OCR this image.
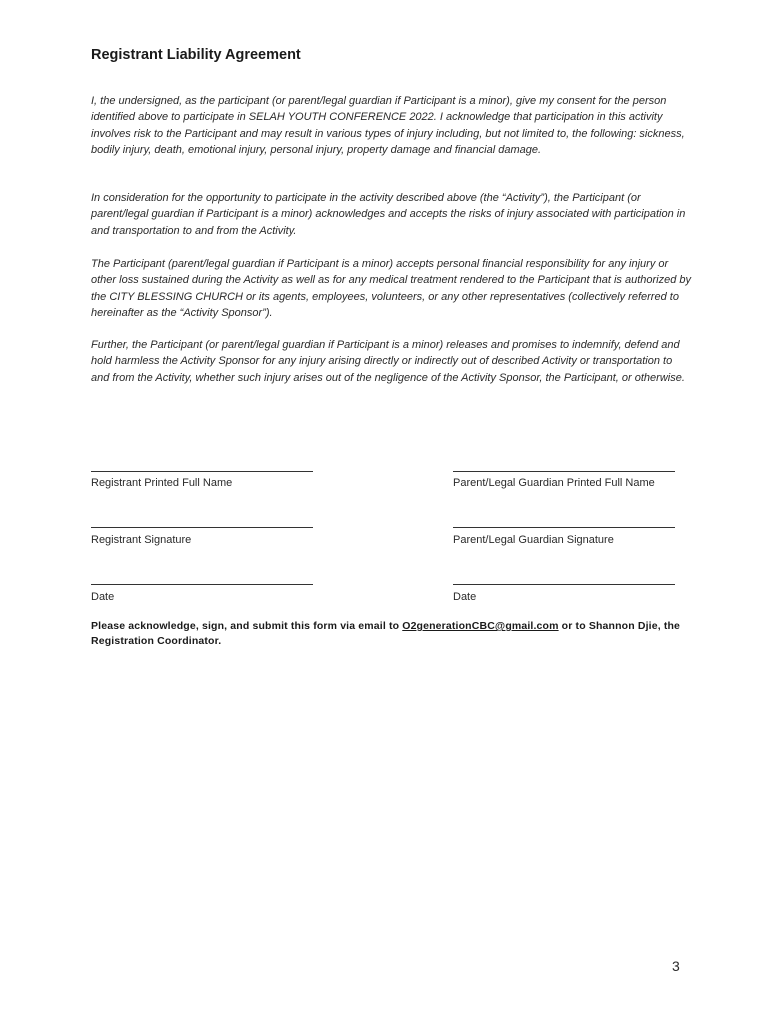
Registrant Liability Agreement

I, the undersigned, as the participant (or parent/legal guardian if Participant is a minor), give my consent for the person identified above to participate in SELAH YOUTH CONFERENCE 2022. I acknowledge that participation in this activity involves risk to the Participant and may result in various types of injury including, but not limited to, the following: sickness, bodily injury, death, emotional injury, personal injury, property damage and financial damage.

In consideration for the opportunity to participate in the activity described above (the “Activity”), the Participant (or parent/legal guardian if Participant is a minor) acknowledges and accepts the risks of injury associated with participation in and transportation to and from the Activity.

The Participant (parent/legal guardian if Participant is a minor) accepts personal financial responsibility for any injury or other loss sustained during the Activity as well as for any medical treatment rendered to the Participant that is authorized by the CITY BLESSING CHURCH or its agents, employees, volunteers, or any other representatives (collectively referred to hereinafter as the “Activity Sponsor”).

Further, the Participant (or parent/legal guardian if Participant is a minor) releases and promises to indemnify, defend and hold harmless the Activity Sponsor for any injury arising directly or indirectly out of described Activity or transportation to and from the Activity, whether such injury arises out of the negligence of the Activity Sponsor, the Participant, or otherwise.

Registrant Printed Full Name	Parent/Legal Guardian Printed Full Name
Registrant Signature	Parent/Legal Guardian Signature
Date	Date
Please acknowledge, sign, and submit this form via email to O2generationCBC@gmail.com or to Shannon Djie, the Registration Coordinator.
3
